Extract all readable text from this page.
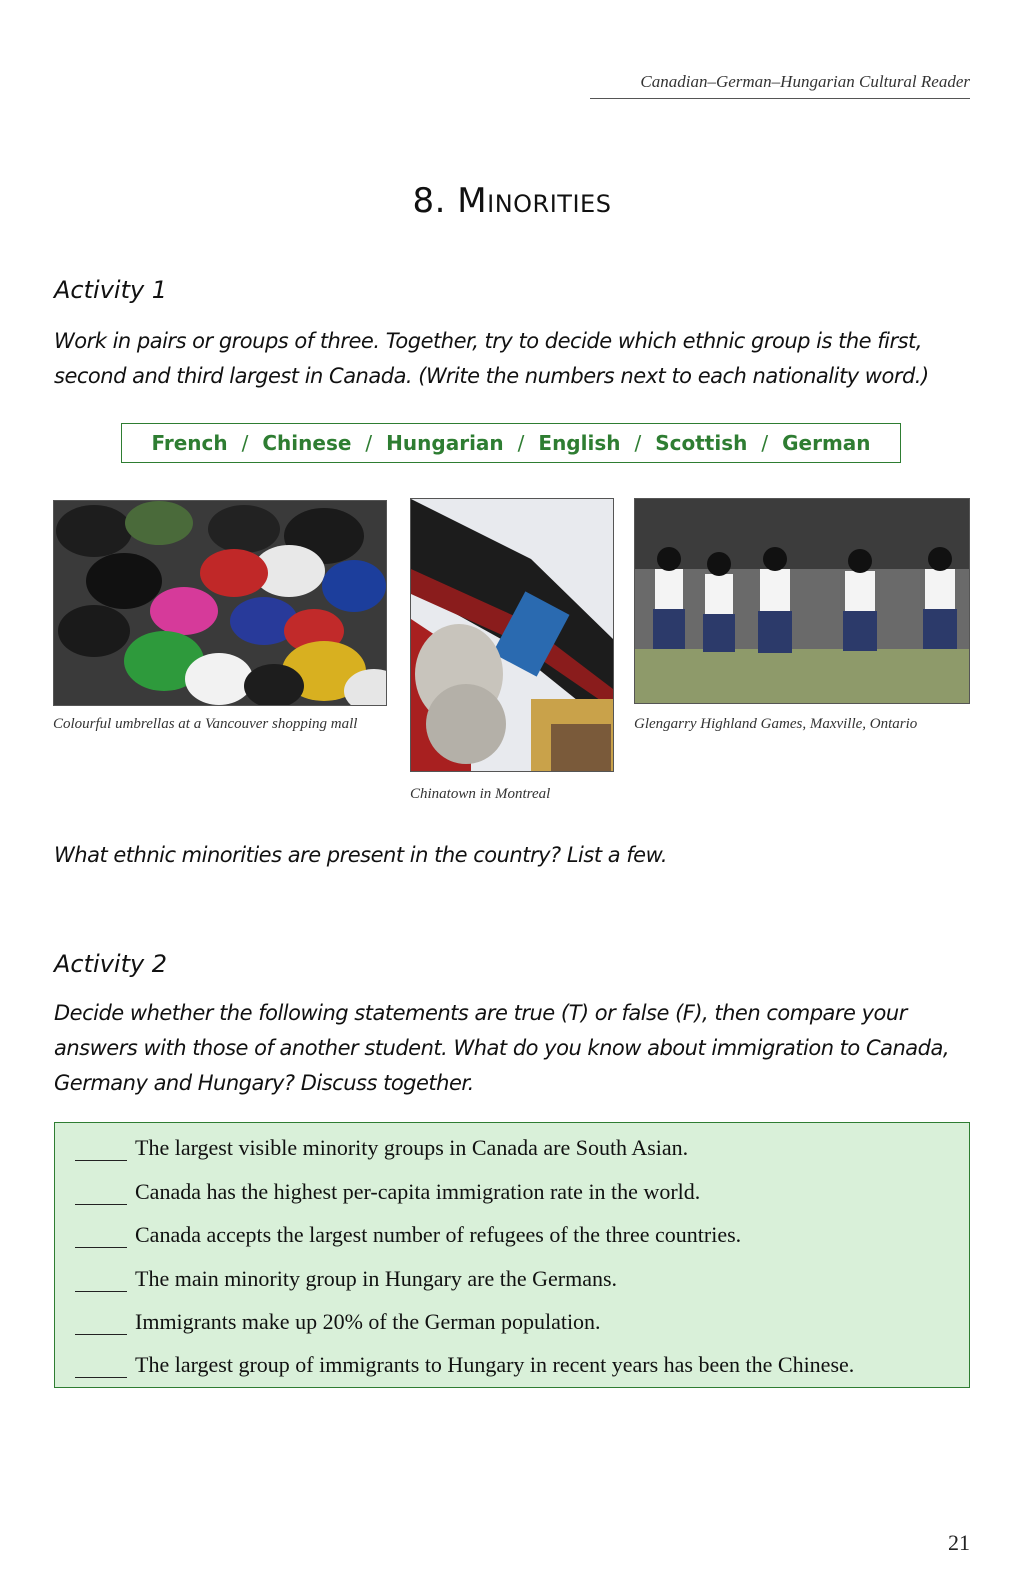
Canadian–German–Hungarian Cultural Reader
8. Minorities
Activity 1

Work in pairs or groups of three. Together, try to decide which ethnic group is the first, second and third largest in Canada. (Write the numbers next to each nationality word.)

French / Chinese / Hungarian / English / Scottish / German
Colourful umbrellas at a Vancouver shopping mall
Chinatown in Montreal
Glengarry Highland Games, Maxville, Ontario

What ethnic minorities are present in the country? List a few.

Activity 2

Decide whether the following statements are true (T) or false (F), then compare your answers with those of another student. What do you know about immigration to Canada, Germany and Hungary? Discuss together.

The largest visible minority groups in Canada are South Asian.
Canada has the highest per-capita immigration rate in the world.
Canada accepts the largest number of refugees of the three countries.
The main minority group in Hungary are the Germans.
Immigrants make up 20% of the German population.
The largest group of immigrants to Hungary in recent years has been the Chinese.
21
